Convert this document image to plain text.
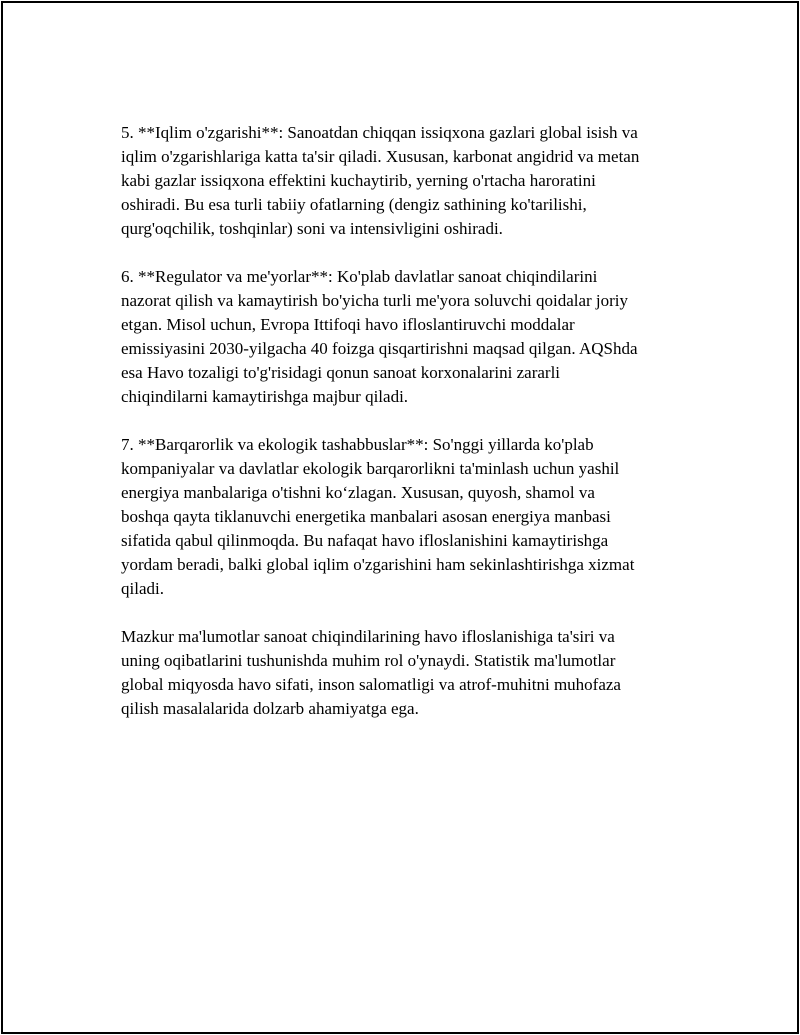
5. **Iqlim o'zgarishi**: Sanoatdan chiqqan issiqxona gazlari global isish va
iqlim o'zgarishlariga katta ta'sir qiladi. Xususan, karbonat angidrid va metan
kabi gazlar issiqxona effektini kuchaytirib, yerning o'rtacha haroratini
oshiradi. Bu esa turli tabiiy ofatlarning (dengiz sathining ko'tarilishi,
qurg'oqchilik, toshqinlar) soni va intensivligini oshiradi.

6. **Regulator va me'yorlar**: Ko'plab davlatlar sanoat chiqindilarini
nazorat qilish va kamaytirish bo'yicha turli me'yora soluvchi qoidalar joriy
etgan. Misol uchun, Evropa Ittifoqi havo ifloslantiruvchi moddalar
emissiyasini 2030-yilgacha 40 foizga qisqartirishni maqsad qilgan. AQShda
esa Havo tozaligi to'g'risidagi qonun sanoat korxonalarini zararli
chiqindilarni kamaytirishga majbur qiladi.

7. **Barqarorlik va ekologik tashabbuslar**: So'nggi yillarda ko'plab
kompaniyalar va davlatlar ekologik barqarorlikni ta'minlash uchun yashil
energiya manbalariga o'tishni ko‘zlagan. Xususan, quyosh, shamol va
boshqa qayta tiklanuvchi energetika manbalari asosan energiya manbasi
sifatida qabul qilinmoqda. Bu nafaqat havo ifloslanishini kamaytirishga
yordam beradi, balki global iqlim o'zgarishini ham sekinlashtirishga xizmat
qiladi.

Mazkur ma'lumotlar sanoat chiqindilarining havo ifloslanishiga ta'siri va
uning oqibatlarini tushunishda muhim rol o'ynaydi. Statistik ma'lumotlar
global miqyosda havo sifati, inson salomatligi va atrof-muhitni muhofaza
qilish masalalarida dolzarb ahamiyatga ega.
